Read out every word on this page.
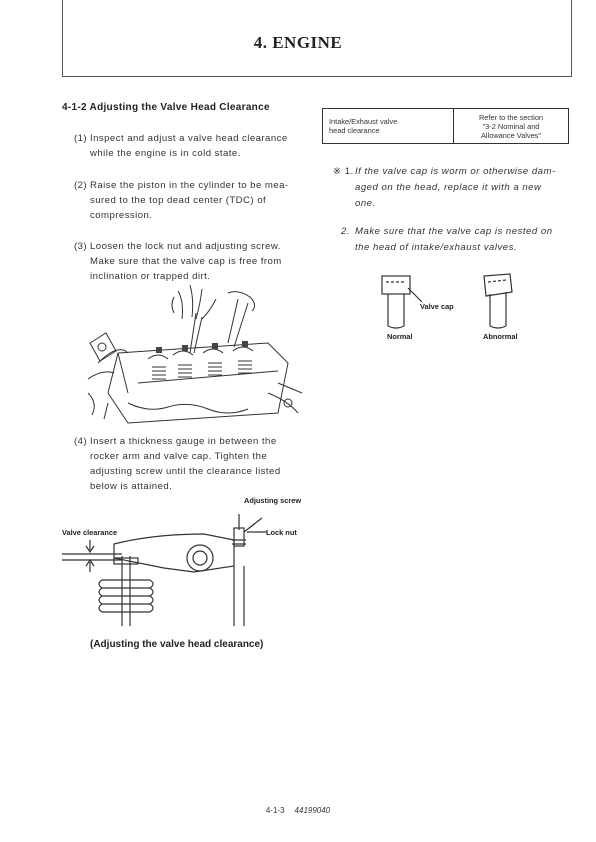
4. ENGINE
4-1-2 Adjusting the Valve Head Clearance
(1) Inspect and adjust a valve head clearance
while the engine is in cold state.
(2) Raise the piston in the cylinder to be mea-
sured to the top dead center (TDC) of
compression.
(3) Loosen the lock nut and adjusting screw.
Make sure that the valve cap is free from
inclination or trapped dirt.
(4) Insert a thickness gauge in between the
rocker arm and valve cap. Tighten the
adjusting screw until the clearance listed
below is attained.
Adjusting screw
Lock nut
Valve clearance
(Adjusting the valve head clearance)
Intake/Exhaust valve
head clearance

Refer to the section
"3-2 Nominal and
Allowance Valves"
※ 1. If the valve cap is worm or otherwise dam-
aged on the head, replace it with a new
one.
2. Make sure that the valve cap is nested on
the head of intake/exhaust valves.
Valve cap
Normal	Abnormal
4-1-3 44199040
